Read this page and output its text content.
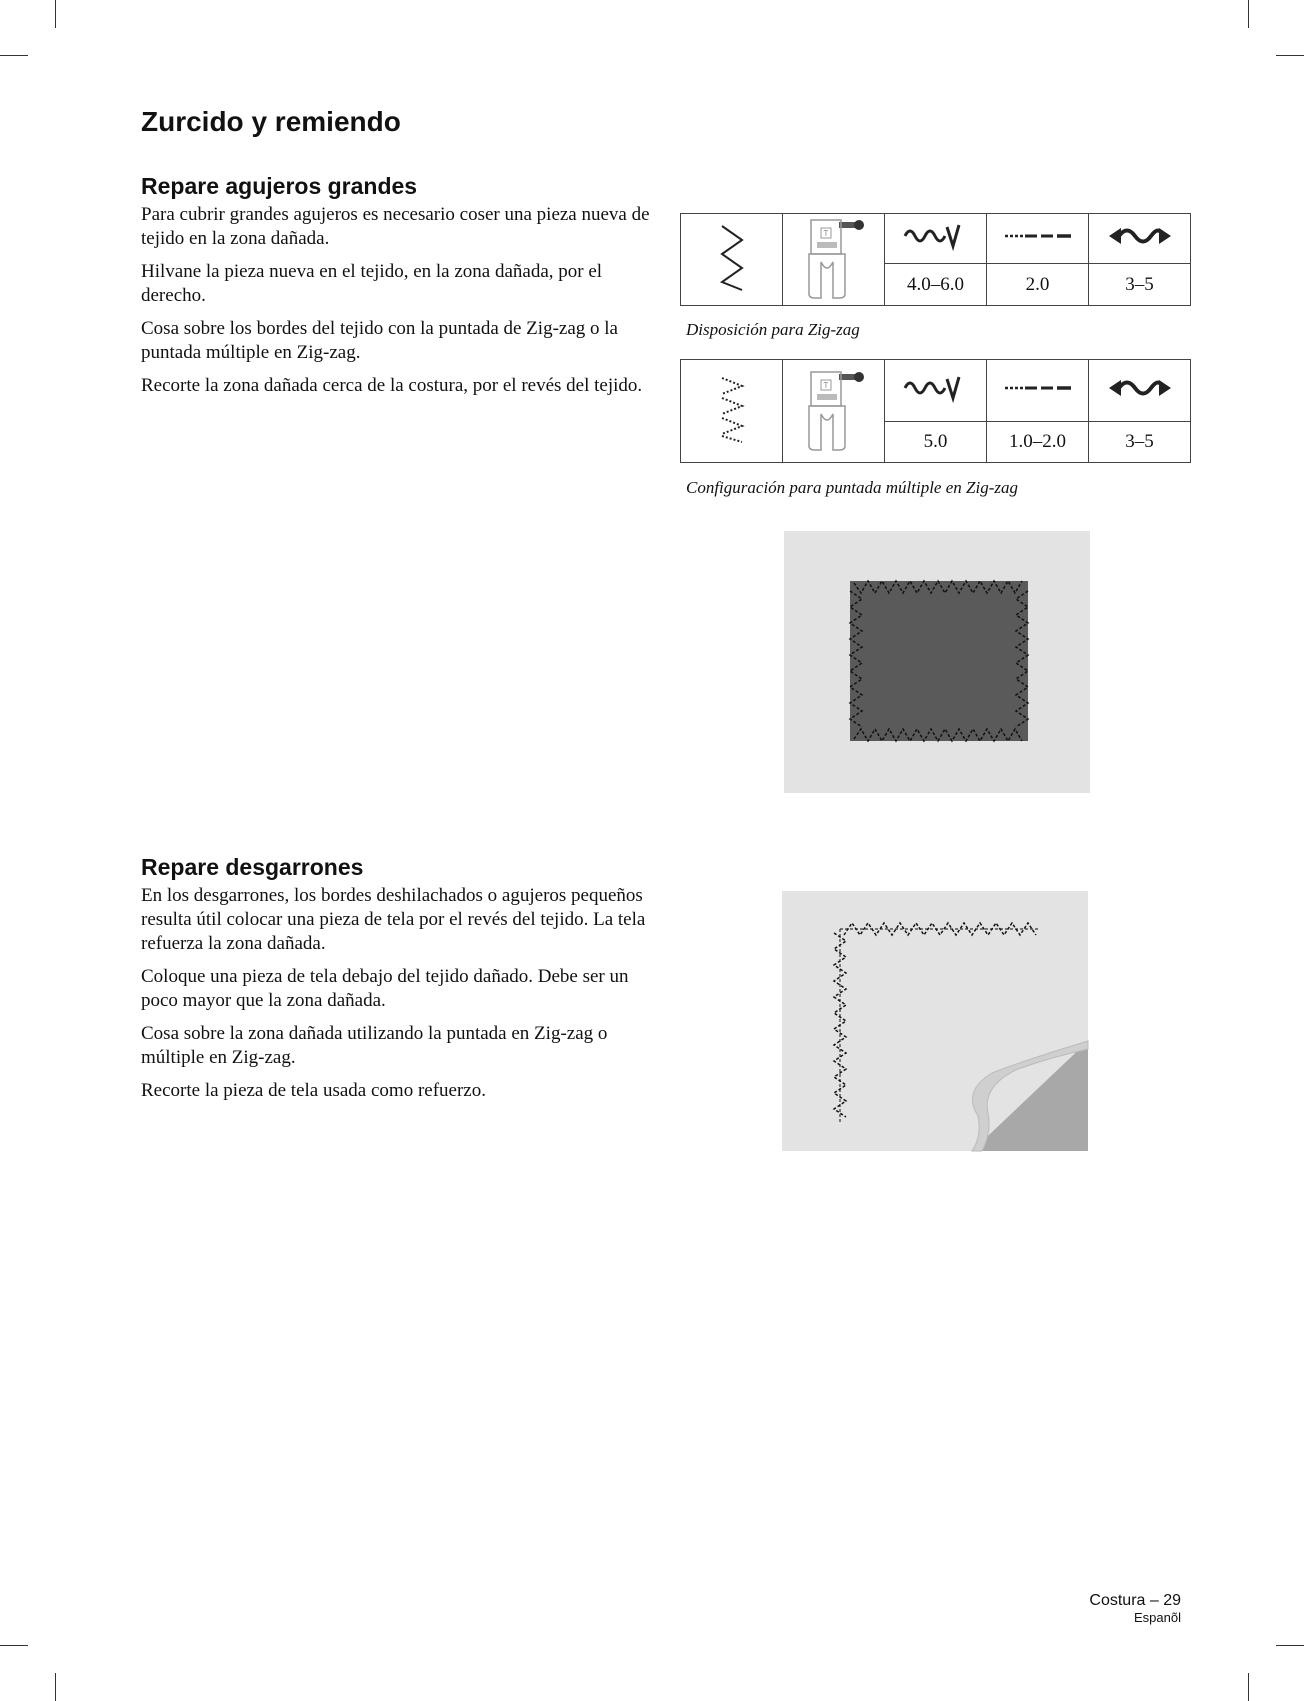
Zurcido y remiendo
Repare agujeros grandes

Para cubrir grandes agujeros es necesario coser una pieza nueva de tejido en la zona dañada.

Hilvane la pieza nueva en el tejido, en la zona dañada, por el derecho.

Cosa sobre los bordes del tejido con la puntada de Zig-zag o la puntada múltiple en Zig-zag.

Recorte la zona dañada cerca de la costura, por el revés del tejido.

T

		4.0–6.0	2.0	3–5
Disposición para Zig-zag

T

		5.0	1.0–2.0	3–5
Configuración para puntada múltiple en Zig-zag
Repare desgarrones

En los desgarrones, los bordes deshilachados o agujeros pequeños resulta útil colocar una pieza de tela por el revés del tejido. La tela refuerza la zona dañada.

Coloque una pieza de tela debajo del tejido dañado. Debe ser un poco mayor que la zona dañada.

Cosa sobre la zona dañada utilizando la puntada en Zig-zag o múltiple en Zig-zag.

Recorte la pieza de tela usada como refuerzo.

Costura – 29
Espanõl
